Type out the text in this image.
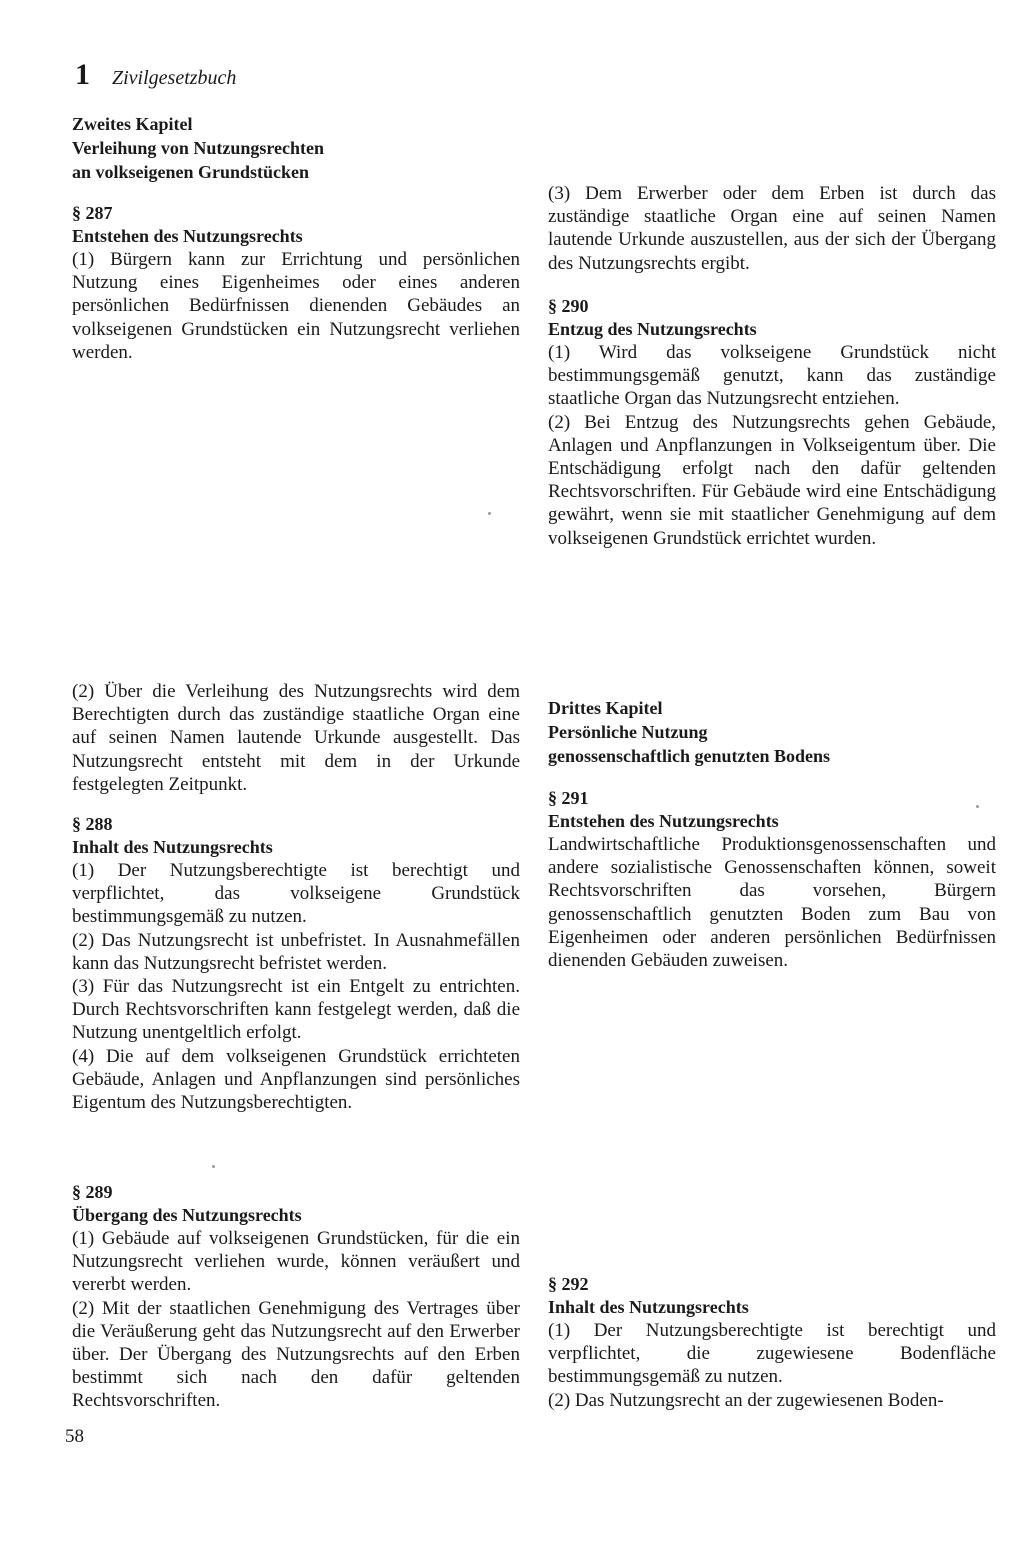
1 Zivilgesetzbuch
Zweites Kapitel
Verleihung von Nutzungsrechten
an volkseigenen Grundstücken
§ 287
Entstehen des Nutzungsrechts
(1) Bürgern kann zur Errichtung und persönlichen Nutzung eines Eigenheimes oder eines anderen persönlichen Bedürfnissen dienenden Gebäudes an volkseigenen Grundstücken ein Nutzungsrecht verliehen werden.
(2) Über die Verleihung des Nutzungsrechts wird dem Berechtigten durch das zuständige staatliche Organ eine auf seinen Namen lautende Urkunde ausgestellt. Das Nutzungsrecht entsteht mit dem in der Urkunde festgelegten Zeitpunkt.
§ 288
Inhalt des Nutzungsrechts
(1) Der Nutzungsberechtigte ist berechtigt und verpflichtet, das volkseigene Grundstück bestimmungsgemäß zu nutzen.
(2) Das Nutzungsrecht ist unbefristet. In Ausnahmefällen kann das Nutzungsrecht befristet werden.
(3) Für das Nutzungsrecht ist ein Entgelt zu entrichten. Durch Rechtsvorschriften kann festgelegt werden, daß die Nutzung unentgeltlich erfolgt.
(4) Die auf dem volkseigenen Grundstück errichteten Gebäude, Anlagen und Anpflanzungen sind persönliches Eigentum des Nutzungsberechtigten.
§ 289
Übergang des Nutzungsrechts
(1) Gebäude auf volkseigenen Grundstücken, für die ein Nutzungsrecht verliehen wurde, können veräußert und vererbt werden.
(2) Mit der staatlichen Genehmigung des Vertrages über die Veräußerung geht das Nutzungsrecht auf den Erwerber über. Der Übergang des Nutzungsrechts auf den Erben bestimmt sich nach den dafür geltenden Rechtsvorschriften.
(3) Dem Erwerber oder dem Erben ist durch das zuständige staatliche Organ eine auf seinen Namen lautende Urkunde auszustellen, aus der sich der Übergang des Nutzungsrechts ergibt.
§ 290
Entzug des Nutzungsrechts
(1) Wird das volkseigene Grundstück nicht bestimmungsgemäß genutzt, kann das zuständige staatliche Organ das Nutzungsrecht entziehen.
(2) Bei Entzug des Nutzungsrechts gehen Gebäude, Anlagen und Anpflanzungen in Volkseigentum über. Die Entschädigung erfolgt nach den dafür geltenden Rechtsvorschriften. Für Gebäude wird eine Entschädigung gewährt, wenn sie mit staatlicher Genehmigung auf dem volkseigenen Grundstück errichtet wurden.
Drittes Kapitel
Persönliche Nutzung
genossenschaftlich genutzten Bodens
§ 291
Entstehen des Nutzungsrechts
Landwirtschaftliche Produktionsgenossenschaften und andere sozialistische Genossenschaften können, soweit Rechtsvorschriften das vorsehen, Bürgern genossenschaftlich genutzten Boden zum Bau von Eigenheimen oder anderen persönlichen Bedürfnissen dienenden Gebäuden zuweisen.
§ 292
Inhalt des Nutzungsrechts
(1) Der Nutzungsberechtigte ist berechtigt und verpflichtet, die zugewiesene Bodenfläche bestimmungsgemäß zu nutzen.
(2) Das Nutzungsrecht an der zugewiesenen Boden-
58
